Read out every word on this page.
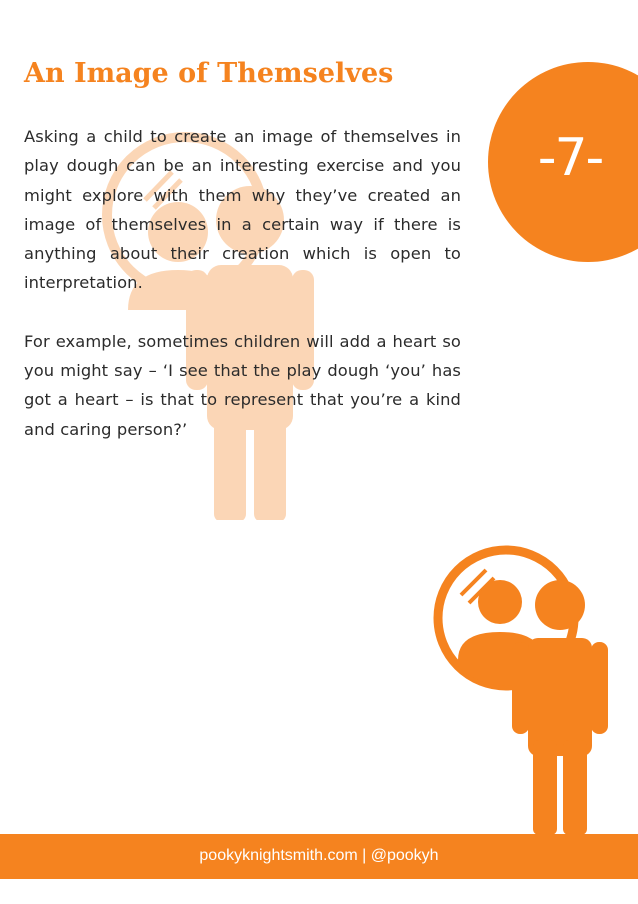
An Image of Themselves
-7-

Asking a child to create an image of themselves in play dough can be an interesting exercise and you might explore with them why they’ve created an image of themselves in a certain way if there is anything about their creation which is open to interpretation.

For example, sometimes children will add a heart so you might say – ‘I see that the play dough ‘you’ has got a heart – is that to represent that you’re a kind and caring person?’

pookyknightsmith.com | @pookyh
